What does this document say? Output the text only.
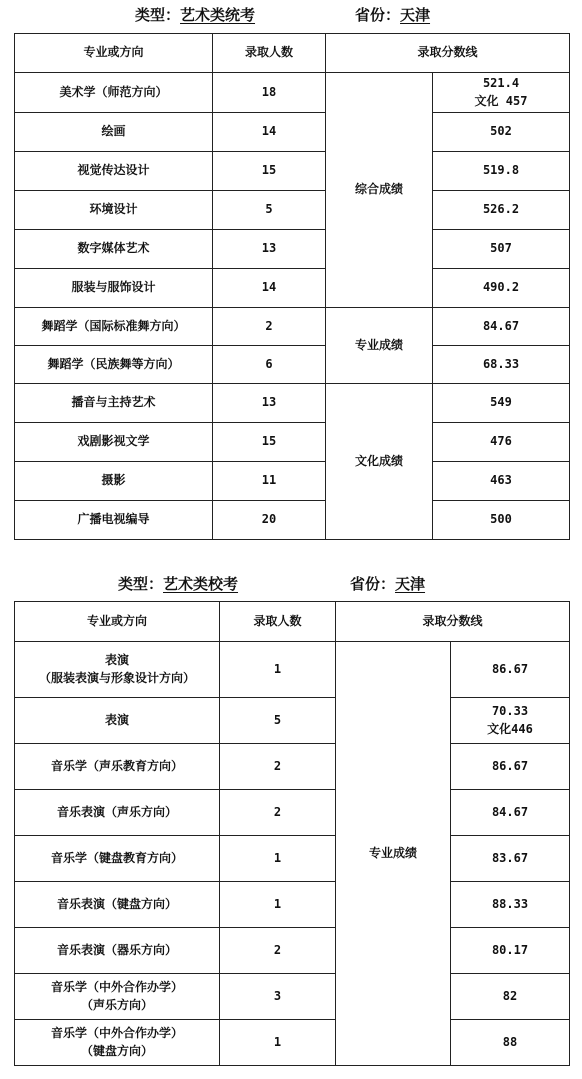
类型：艺术类统考	省份：天津
专业或方向	录取人数	录取分数线	
美术学（师范方向）	18	综合成绩	521.4
文化 457
绘画	14		502
视觉传达设计	15		519.8
环境设计	5		526.2
数字媒体艺术	13		507
服装与服饰设计	14		490.2
舞蹈学（国际标准舞方向）	2	专业成绩	84.67
舞蹈学（民族舞等方向）	6		68.33
播音与主持艺术	13	文化成绩	549
戏剧影视文学	15		476
摄影	11		463
广播电视编导	20		500
类型：艺术类校考	省份：天津
专业或方向	录取人数	录取分数线	
表演
（服装表演与形象设计方向）	1	专业成绩	86.67
表演	5		70.33
文化446
音乐学（声乐教育方向）	2		86.67
音乐表演（声乐方向）	2		84.67
音乐学（键盘教育方向）	1		83.67
音乐表演（键盘方向）	1		88.33
音乐表演（器乐方向）	2		80.17
音乐学（中外合作办学）
（声乐方向）	3		82
音乐学（中外合作办学）
（键盘方向）	1		88
